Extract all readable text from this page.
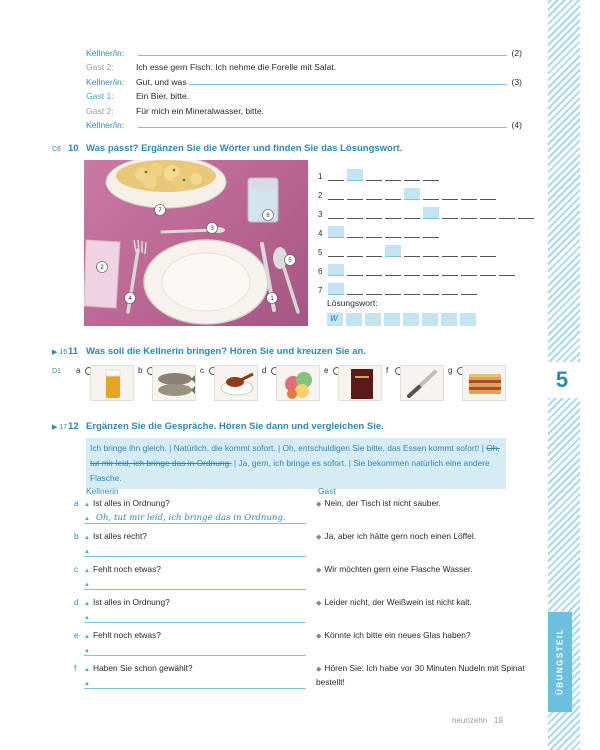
5
ÜBUNGSTEIL
Kellner/in:	(2)
Gast 2:	Ich esse gern Fisch. Ich nehme die Forelle mit Salat.
Kellner/in:	Gut, und was	(3)
Gast 1:	Ein Bier, bitte.
Gast 2:	Für mich ein Mineralwasser, bitte.
Kellner/in:	(4)
C6 10 Was passt? Ergänzen Sie die Wörter und finden Sie das Lösungswort.
1
2
3
4
5
6
7
1
2
3
4
5
6
7
Lösungswort:
W
▶ 1611 Was soll die Kellnerin bringen? Hören Sie und kreuzen Sie an.
D1	a	b	c	d	e	f	g
▶ 1712 Ergänzen Sie die Gespräche. Hören Sie dann und vergleichen Sie.
Ich bringe ihn gleich. | Natürlich, die kommt sofort. | Oh, entschuldigen Sie bitte, das Essen kommt sofort! | Oh, tut mir leid, ich bringe das in Ordnung. | Ja, gern, ich bringe es sofort. | Sie bekommen natürlich eine andere Flasche.
Kellnerin	Gast
a ▲ Ist alles in Ordnung?
▲ Oh, tut mir leid, ich bringe das in Ordnung.
◆ Nein, der Tisch ist nicht sauber.
b ▲ Ist alles recht?
▲
◆ Ja, aber ich hätte gern noch einen Löffel.
c ▲ Fehlt noch etwas?
▲
◆ Wir möchten gern eine Flasche Wasser.
d ▲ Ist alles in Ordnung?
▲
◆ Leider nicht, der Weißwein ist nicht kalt.
e ▲ Fehlt noch etwas?
▲
◆ Könnte ich bitte ein neues Glas haben?
f ▲ Haben Sie schon gewählt?
▲
◆ Hören Sie: Ich habe vor 30 Minuten Nudeln mit Spinat bestellt!
neunzehn 19
